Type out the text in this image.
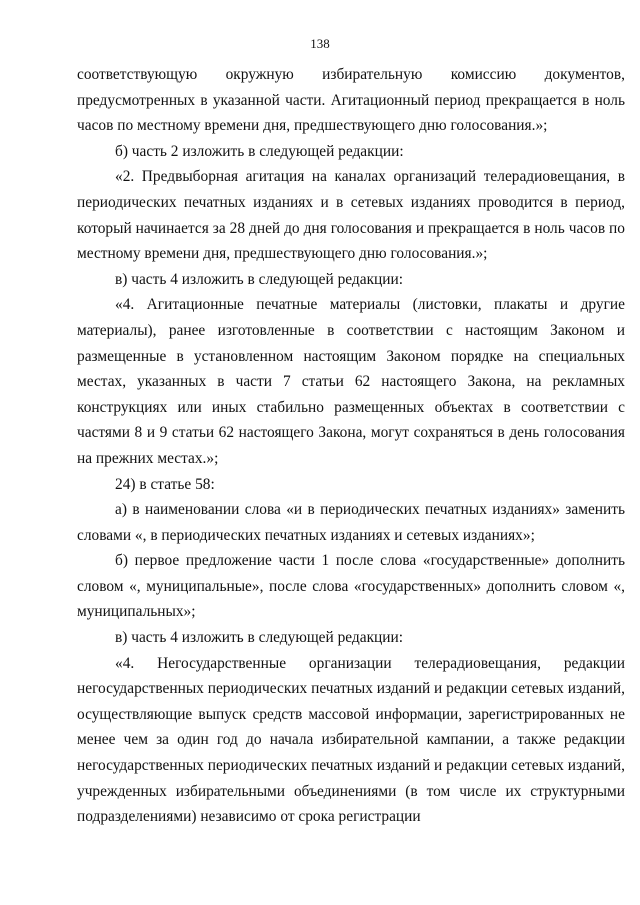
138

соответствующую окружную избирательную комиссию документов, предусмотренных в указанной части. Агитационный период прекращается в ноль часов по местному времени дня, предшествующего дню голосования.»;

б) часть 2 изложить в следующей редакции:

«2. Предвыборная агитация на каналах организаций телерадиовещания, в периодических печатных изданиях и в сетевых изданиях проводится в период, который начинается за 28 дней до дня голосования и прекращается в ноль часов по местному времени дня, предшествующего дню голосования.»;

в) часть 4 изложить в следующей редакции:

«4. Агитационные печатные материалы (листовки, плакаты и другие материалы), ранее изготовленные в соответствии с настоящим Законом и размещенные в установленном настоящим Законом порядке на специальных местах, указанных в части 7 статьи 62 настоящего Закона, на рекламных конструкциях или иных стабильно размещенных объектах в соответствии с частями 8 и 9 статьи 62 настоящего Закона, могут сохраняться в день голосования на прежних местах.»;

24) в статье 58:

а) в наименовании слова «и в периодических печатных изданиях» заменить словами «, в периодических печатных изданиях и сетевых изданиях»;

б) первое предложение части 1 после слова «государственные» дополнить словом «, муниципальные», после слова «государственных» дополнить словом «, муниципальных»;

в) часть 4 изложить в следующей редакции:

«4. Негосударственные организации телерадиовещания, редакции негосударственных периодических печатных изданий и редакции сетевых изданий, осуществляющие выпуск средств массовой информации, зарегистрированных не менее чем за один год до начала избирательной кампании, а также редакции негосударственных периодических печатных изданий и редакции сетевых изданий, учрежденных избирательными объединениями (в том числе их структурными подразделениями) независимо от срока регистрации
